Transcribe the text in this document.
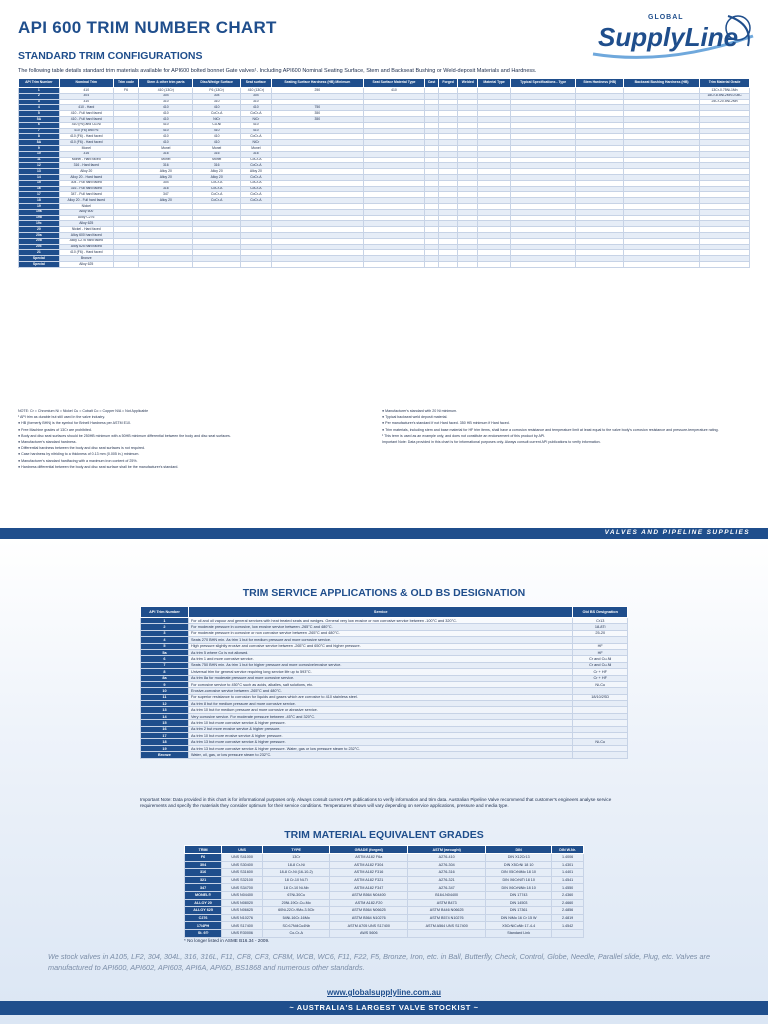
API 600 TRIM NUMBER CHART
STANDARD TRIM CONFIGURATIONS
GLOBAL
SupplyLine
The following table details standard trim materials available for API600 bolted bonnet Gate valves¹. Including API600 Nominal Seating Surface, Stem and Backseat Bushing or Weld-deposit Materials and Hardness.
API Trim Number	Nominal Trim	Trim code	Stem & other trim parts	Disc/Wedge Surface	Seat surface	Seating Surface Hardness (HB) Minimum	Seat Surface Material Type	Cast	Forged	Welded	Material Type	Typical Specifications - Type	Stem Hardness (HB)	Backseat Bushing Hardness (HB)	Trim Material Grade
1	410	F6	410 (13Cr)	F6 (13Cr)	410 (13Cr)	250	410								13Cr-0.75Ni-1Mn
2	304		304	304	304										18Cr-8.5Ni-2Mn-0.08C
3	310		310	310	310										25Cr-20.5Ni-2Mn
4	410 - Hard		410	410	410	750									
5	410 - Full hard faced		410	CoCr-A	CoCr-A	350									
5A	410 - Full hard faced		410	NiCr	NiCr	350									
6	410 (F6) and Cu-Ni		410	Cu-Ni	410										
7	410 (F6) and F6		410	410	410										
8	410 (F6) - Hard faced		410	410	CoCr-A										
8A	410 (F6) - Hard faced		410	410	NiCr										
9	Monel		Monel	Monel	Monel										
10	316		316	316	316										
11	Monel - Hard faced		Monel	Monel	CoCr-A										
12	316 - Hard faced		316	316	CoCr-A										
13	Alloy 20		Alloy 20	Alloy 20	Alloy 20										
14	Alloy 20 - Hard faced		Alloy 20	Alloy 20	CoCr-A										
15	304 - Full hard faced		304	CoCr-A	CoCr-A										
16	316 - Full hard faced		316	CoCr-A	CoCr-A										
17	347 - Full hard faced		347	CoCr-A	CoCr-A										
18	Alloy 20 - Full hard faced		Alloy 20	CoCr-A	CoCr-A										
19	Nickel														
19a	Alloy 600														
19b	Alloy C276														
19c	Alloy 625														
20	Nickel - Hard faced														
20a	Alloy 600 hard faced														
20b	Alloy C276 hard faced														
20c	Alloy 625 hard faced														
21	410 (F6) - Hard faced														
Special	Bronze														
Special	Alloy 625														

NOTE: Cr = Chromium Ni = Nickel Cu = Cobalt Co = Copper N/A = Not Applicable

¹ API trim as durable but still used in the valve industry.

● HB (formerly BHN) is the symbol for Brinell Hardness per ASTM E10.

● Free Machine grades of 13Cr are prohibited.

● Body and disc seat surfaces should be 250HB minimum with a 50HB minimum differential between the body and disc seat surfaces.

● Manufacturer's standard hardness.

● Differential hardness between the body and disc seat surfaces is not required.

● Case hardness by nitriding to a thickness of 0.13 mm (0.005 in.) minimum.

● Manufacturer's standard hardfacing with a maximum iron content of 25%.

● Hardness differential between the body and disc seat surface shall be the manufacturer's standard.

● Manufacturer's standard with 20 Ni minimum.

● Typical backseat weld deposit material.

● Per manufacturer's standard if not Hard faced. 350 HB minimum if Hard faced.

● Trim materials, including stem and base material for HF trim items, shall have a corrosion resistance and temperature limit at least equal to the valve body's corrosion resistance and pressure-temperature rating.

¹ This term is used as an example only, and does not constitute an endorsement of this product by API.

Important Note: Data provided in this chart is for informational purposes only. Always consult current API publications to verify information.

VALVES AND PIPELINE SUPPLIES
TRIM SERVICE APPLICATIONS & OLD BS DESIGNATION
API Trim Number	Service	Old BS Designation
1	For oil and oil vapour and general services with heat treated seats and wedges. General very low erosive or non corrosive service between -100°C and 320°C.	Cr13
2	For moderate pressure in corrosive, low erosive service between -265°C and 480°C.	18-8Ti
3	For moderate pressure in corrosive or non corrosive service between -265°C and 480°C.	25-20
4	Seats 270 BHN min. As trim 1 but for medium pressure and more corrosive service.	
5	High pressure slightly erosive and corrosive service between -265°C and 650°C and higher pressure.	HF
5a	As trim 5 where Co is not allowed.	HF
6	As trim 1 and more corrosive service.	Cr and Cu-Ni
7	Seats 750 BHN min. As trim 1 but for higher pressure and more corrosive/erosive service.	Cr and Cu-Ni
8	Universal trim for general service requiring long service life up to 593°C.	Cr + HF
8a	As trim 8a for moderate pressure and more corrosive service.	Cr + HF
9	For corrosive service to 450°C such as acids, alkalies, salt solutions, etc.	Ni-Cu
10	Erosive-corrosive service between -265°C and 480°C.	
11	For superior resistance to corrosion for liquids and gases which are corrosive to 410 stainless steel.	18/10/2SD
12	As trim 8 but for medium pressure and more corrosive service.	
13	As trim 10 but for medium pressure and more corrosive or abrasive service.	
14	Very corrosive service. For moderate pressure between -45°C and 320°C.	
15	As trim 10 but more corrosive service & higher pressure.	
16	As trim 2 but more erosive service & higher pressure.	
17	As trim 10 but more erosive service & higher pressure.	
18	As trim 13 but more corrosive service & higher pressure.	Ni-Cu
19	As trim 13 but more corrosive service & higher pressure. Water, gas or low pressure steam to 232°C.	
Bronze	Water, oil, gas, or low pressure steam to 232°C.	
Important Note: Data provided in this chart is for informational purposes only. Always consult current API publications to verify information and trim data. Australian Pipeline Valve recommend that customer's engineers analyse service requirements and specify the materials they consider optimum for their service conditions. Temperatures shown will vary depending on service applications, pressure and media type.
TRIM MATERIAL EQUIVALENT GRADES
TRIM	UNS	TYPE	GRADE (forged)	ASTM (wrought)	DIN	DIN W.Nr.
F6	UNS S41000	13Cr	ASTM A182 F6a	A276-410	DIN X12Cr13	1.4006
304	UNS S30400	18-8 Cr-Ni	ASTM A182 F304	A276-304	DIN X5CrNi 18 10	1.4301
316	UNS S31600	18-8 Cr-Ni (16-10-2)	ASTM A182 F316	A276-316	DIN X5CrNiMo 18 10	1.4401
321	UNS S32100	18 Cr-10 Ni-Ti	ASTM A182 F321	A276-321	DIN X6CrNiTi 18 10	1.4541
347	UNS S34700	18 Cr-10 Ni-Nb	ASTM A182 F347	A276-347	DIN X6CrNiNb 18 10	1.4550
MONEL®	UNS N04400	67Ni-30Cu	ASTM B564 N04400	B164-N04400	DIN 17743	2.4360
ALLOY 20	UNS N08020	20Ni-19Cr-Cu-Mo	ASTM A182-F20	ASTM B473	DIN 14503	2.4660
ALLOY 625	UNS N06625	60Ni-22Cr-9Mo-3.5Cb	ASTM B564 N06625	ASTM B446 N06625	DIN 17361	2.4856
C276	UNS N10276	54Ni-16Cr-16Mo	ASTM B564 N10276	ASTM B574 N10276	DIN NiMo 16 Cr 15 W	2.4819
17/4PH	UNS S17400	SCr17Ni4Cu4Nb	ASTM A705 UNS S17400	ASTM A564 UNS S17400	X5CrNiCuNb 17-4-4	1.4542
St. 6®	UNS R30006	Co-Cr-A	AWS 5606		Standard Link	
* No longer listed in ASME B16.34 - 2009.
We stock valves in A105, LF2, 304, 304L, 316, 316L, F11, CF8, CF3, CF8M, WCB, WC6, F11, F22, F5, Bronze, Iron, etc. in Ball, Butterfly, Check, Control, Globe, Needle, Parallel slide, Plug, etc. Valves are manufactured to API600, API602, API603, API6A, API6D, BS1868 and numerous other standards.
www.globalsupplyline.com.au
~ AUSTRALIA'S LARGEST VALVE STOCKIST ~
